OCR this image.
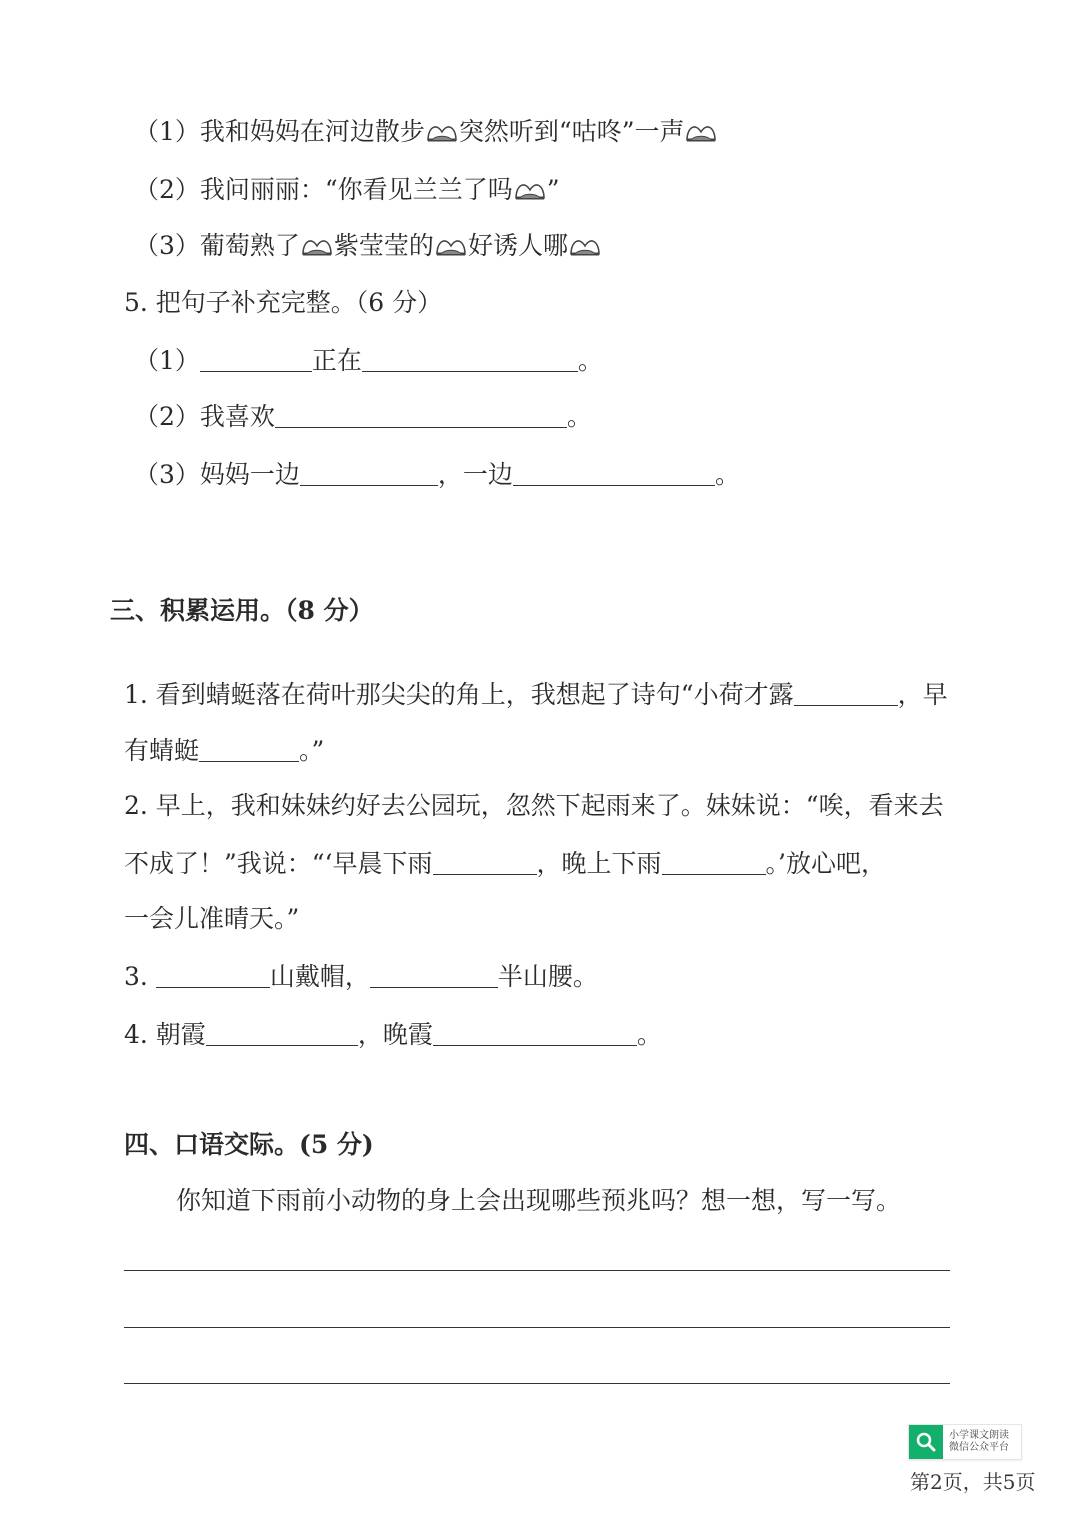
（1）我和妈妈在河边散步 突然听到“咕咚”一声
（2）我问丽丽：“你看见兰兰了吗 ”
（3）葡萄熟了 紫莹莹的 好诱人哪
5. 把句子补充完整。（6 分）
（1）	正在	。
（2）我喜欢	。
（3）妈妈一边	，一边	。
三、积累运用。（8 分）
1. 看到蜻蜓落在荷叶那尖尖的角上，我想起了诗句“小荷才露	，早
有蜻蜓	。”
2. 早上，我和妹妹约好去公园玩，忽然下起雨来了。妹妹说：“唉，看来去
不成了！”我说：“‘早晨下雨	，晚上下雨	。’放心吧，
一会儿准晴天。”
3.	山戴帽，	半山腰。
4. 朝霞	，晚霞	。
四、口语交际。(5 分)
你知道下雨前小动物的身上会出现哪些预兆吗？想一想，写一写。
小学课文朗读
微信公众平台
第2页，共5页
